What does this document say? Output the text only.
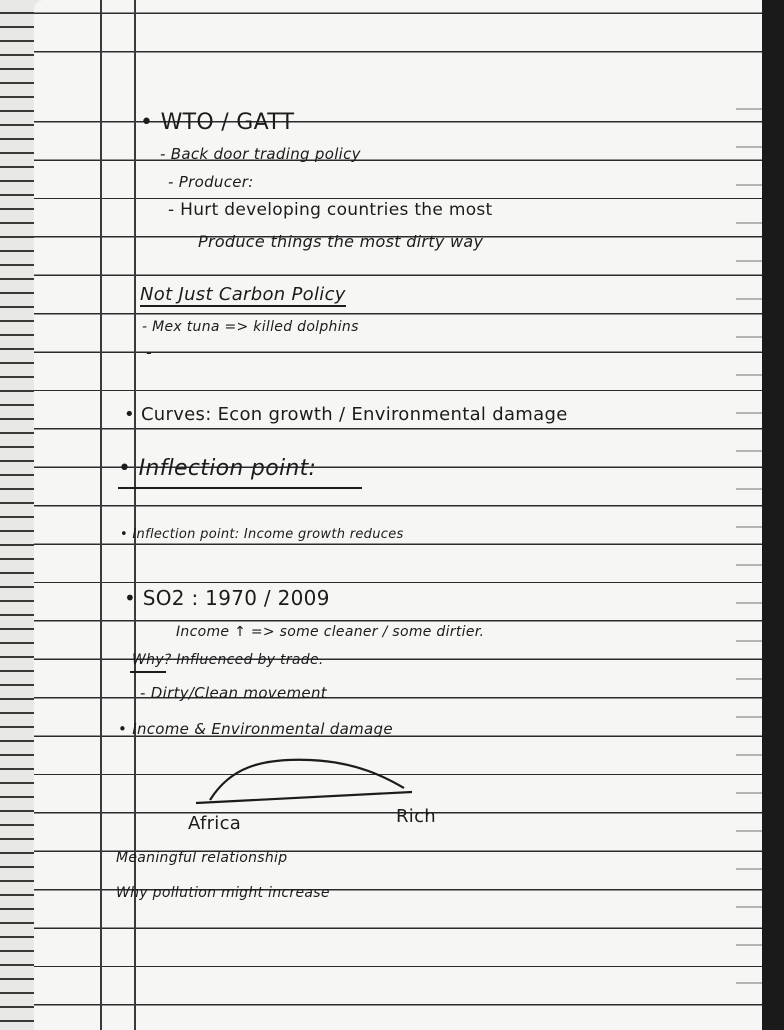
• WTO / GATT
- Back door trading policy
- Producer:
- Hurt developing countries the most
Produce things the most dirty way
Not Just Carbon Policy
- Mex tuna => killed dolphins
-
• Curves: Econ growth / Environmental damage
• Inflection point:
• Inflection point: Income growth reduces
• SO2 : 1970 / 2009
Income ↑ => some cleaner / some dirtier.
Why? Influenced by trade.
- Dirty/Clean movement
• Income & Environmental damage
Africa	Rich
Meaningful relationship
Why pollution might increase
